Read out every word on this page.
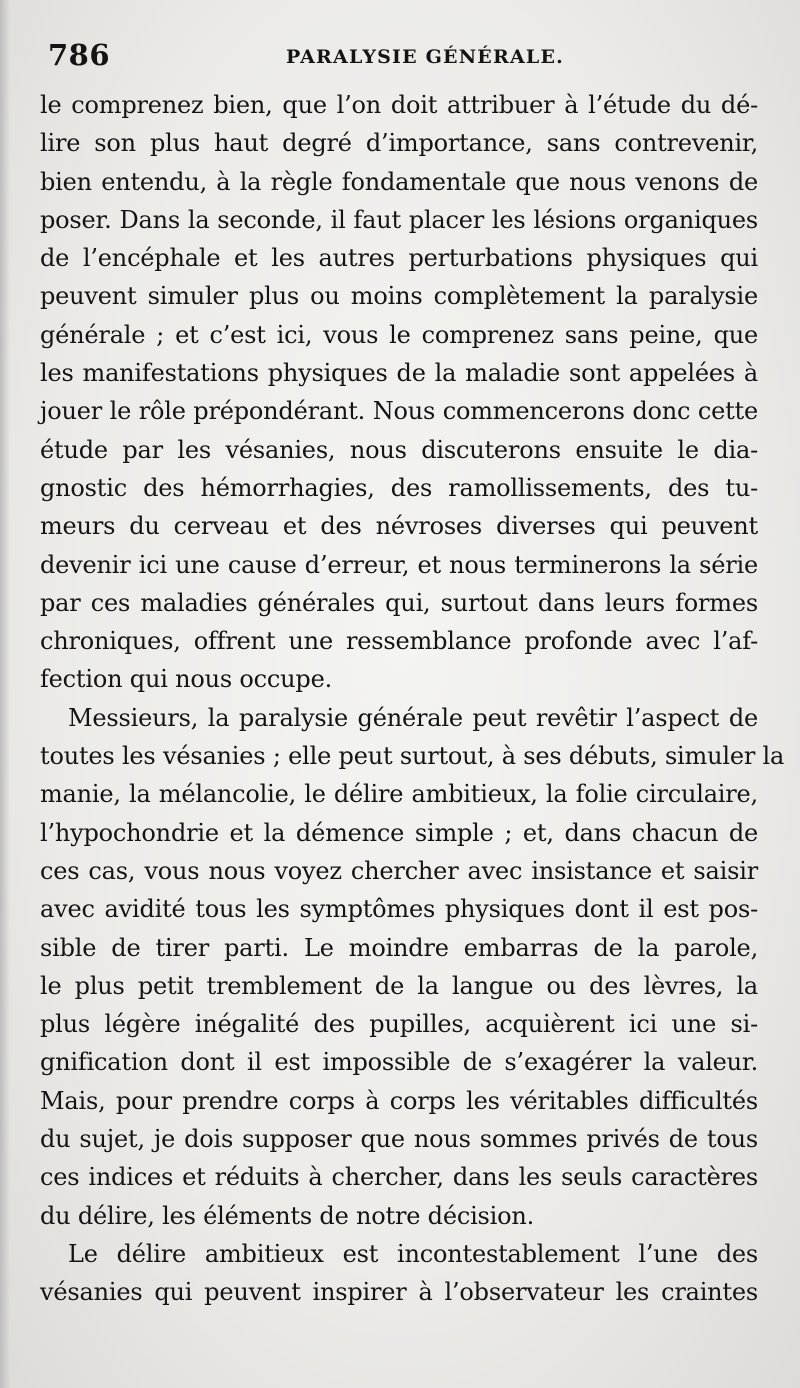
786	PARALYSIE GÉNÉRALE.
le comprenez bien, que l’on doit attribuer à l’étude du dé-
lire son plus haut degré d’importance, sans contrevenir,
bien entendu, à la règle fondamentale que nous venons de
poser. Dans la seconde, il faut placer les lésions organiques
de l’encéphale et les autres perturbations physiques qui
peuvent simuler plus ou moins complètement la paralysie
générale ; et c’est ici, vous le comprenez sans peine, que
les manifestations physiques de la maladie sont appelées à
jouer le rôle prépondérant. Nous commencerons donc cette
étude par les vésanies, nous discuterons ensuite le dia-
gnostic des hémorrhagies, des ramollissements, des tu-
meurs du cerveau et des névroses diverses qui peuvent
devenir ici une cause d’erreur, et nous terminerons la série
par ces maladies générales qui, surtout dans leurs formes
chroniques, offrent une ressemblance profonde avec l’af-
fection qui nous occupe.
Messieurs, la paralysie générale peut revêtir l’aspect de
toutes les vésanies ; elle peut surtout, à ses débuts, simuler la
manie, la mélancolie, le délire ambitieux, la folie circulaire,
l’hypochondrie et la démence simple ; et, dans chacun de
ces cas, vous nous voyez chercher avec insistance et saisir
avec avidité tous les symptômes physiques dont il est pos-
sible de tirer parti. Le moindre embarras de la parole,
le plus petit tremblement de la langue ou des lèvres, la
plus légère inégalité des pupilles, acquièrent ici une si-
gnification dont il est impossible de s’exagérer la valeur.
Mais, pour prendre corps à corps les véritables difficultés
du sujet, je dois supposer que nous sommes privés de tous
ces indices et réduits à chercher, dans les seuls caractères
du délire, les éléments de notre décision.
Le délire ambitieux est incontestablement l’une des
vésanies qui peuvent inspirer à l’observateur les craintes
